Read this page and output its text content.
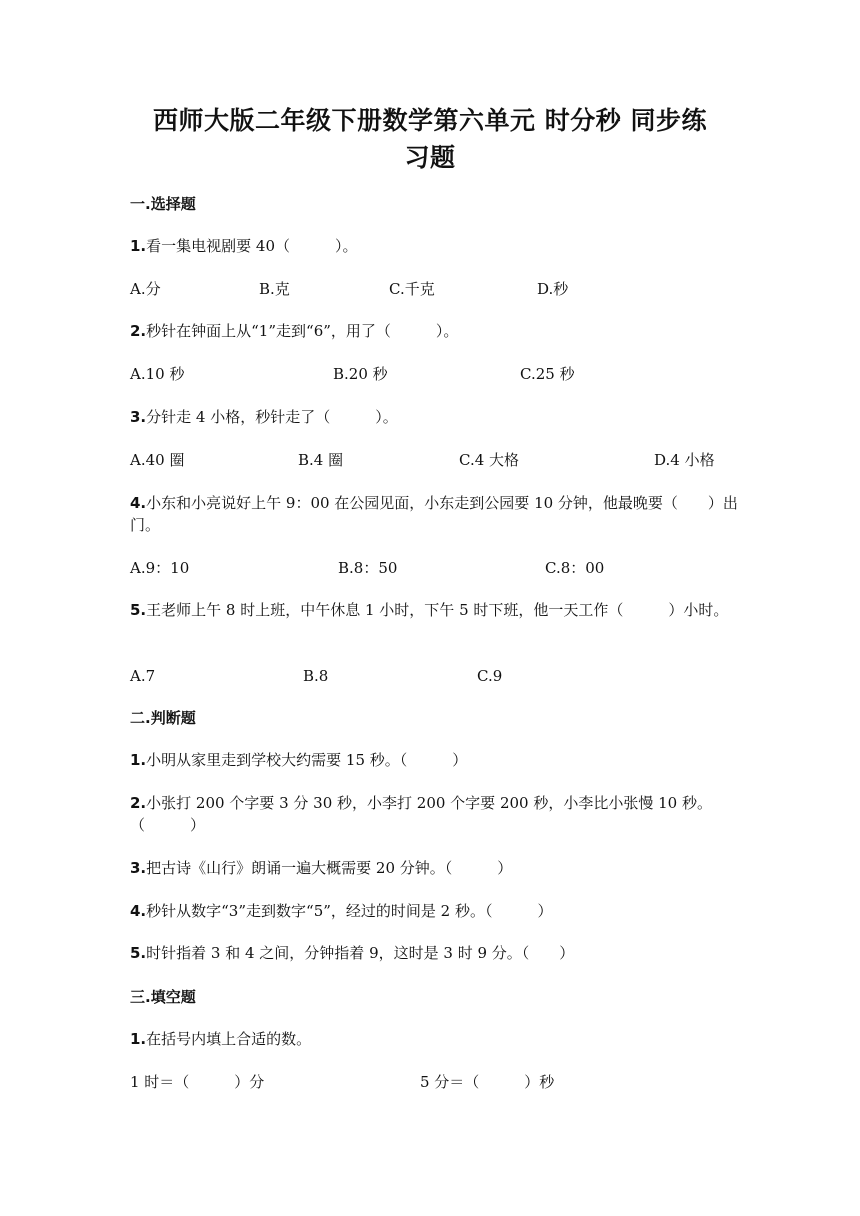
西师大版二年级下册数学第六单元 时分秒 同步练
习题
一.选择题
1.看一集电视剧要 40（　　　）。
A.分	B.克	C.千克	D.秒
2.秒针在钟面上从“1”走到“6”，用了（　　　）。
A.10 秒	B.20 秒	C.25 秒
3.分针走 4 小格，秒针走了（　　　）。
A.40 圈	B.4 圈	C.4 大格	D.4 小格
4.小东和小亮说好上午 9：00 在公园见面，小东走到公园要 10 分钟，他最晚要（　　）出门。
A.9：10	B.8：50	C.8：00
5.王老师上午 8 时上班，中午休息 1 小时，下午 5 时下班，他一天工作（　　　）小时。
A.7	B.8	C.9
二.判断题
1.小明从家里走到学校大约需要 15 秒。（　　　）
2.小张打 200 个字要 3 分 30 秒，小李打 200 个字要 200 秒，小李比小张慢 10 秒。（　　　）
3.把古诗《山行》朗诵一遍大概需要 20 分钟。（　　　）
4.秒针从数字“3”走到数字“5”，经过的时间是 2 秒。（　　　）
5.时针指着 3 和 4 之间，分钟指着 9，这时是 3 时 9 分。（　　）
三.填空题
1.在括号内填上合适的数。
1 时＝（　　　）分	5 分＝（　　　）秒
